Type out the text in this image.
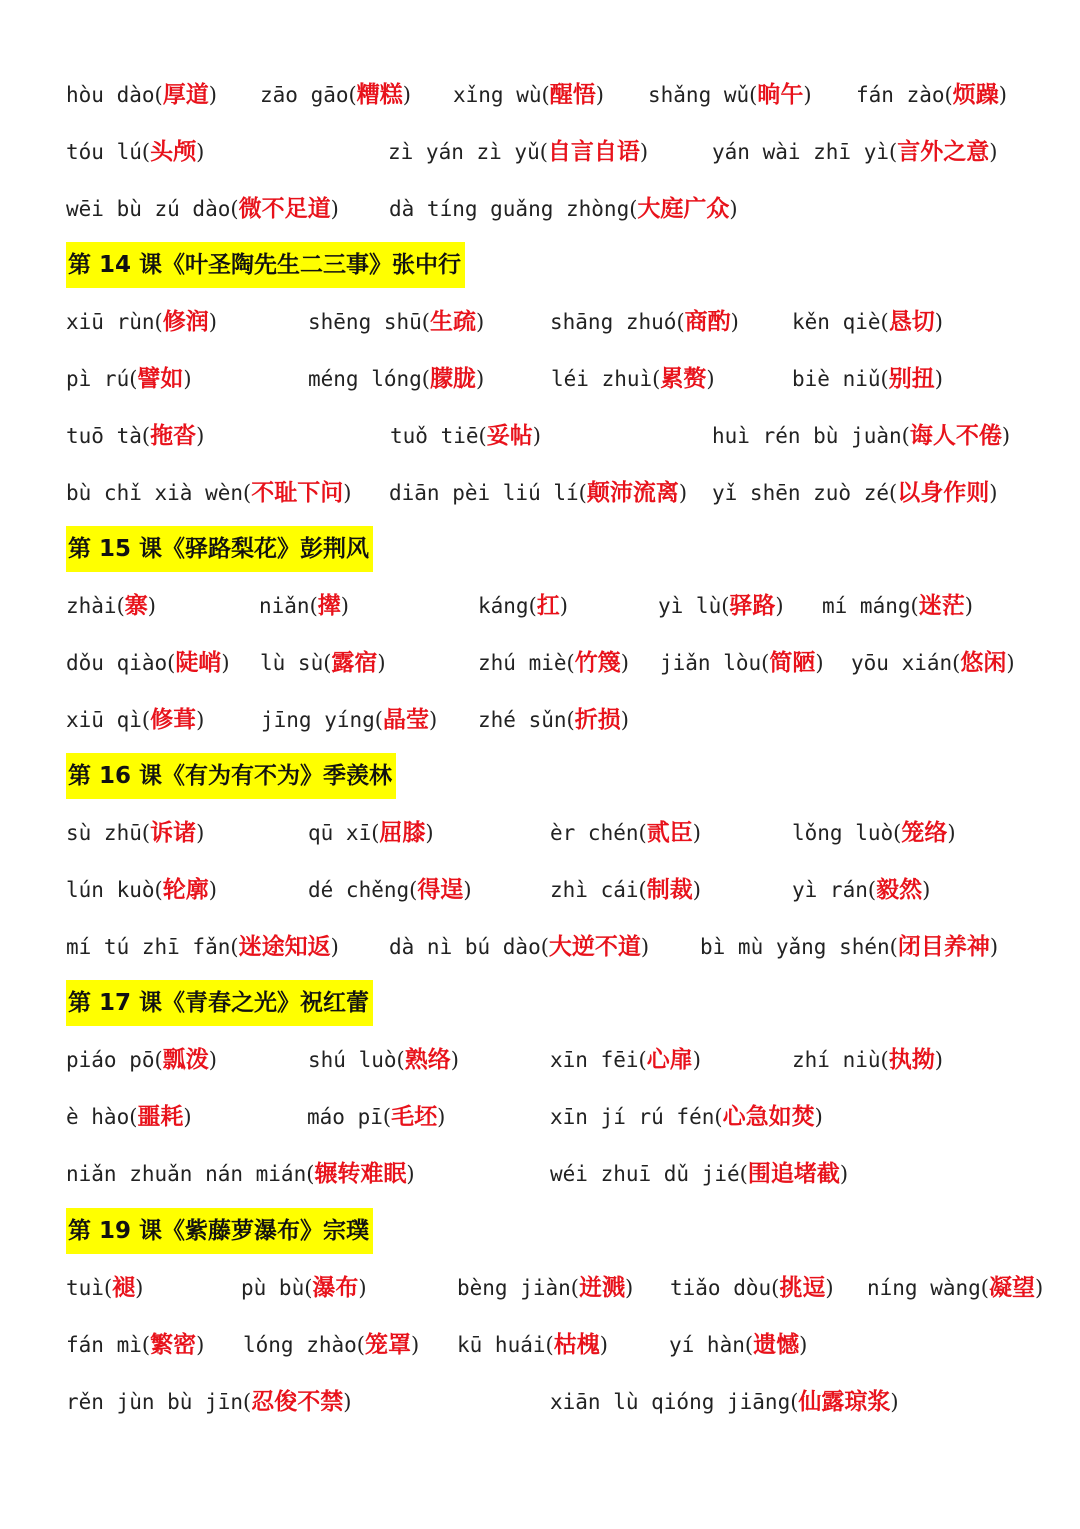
hòu dào(厚道) zāo gāo(糟糕) xǐng wù(醒悟) shǎng wǔ(晌午) fán zào(烦躁)
tóu lú(头颅)	zì yán zì yǔ(自言自语)	yán wài zhī yì(言外之意)
wēi bù zú dào(微不足道) dà tíng guǎng zhòng(大庭广众)
第 14 课《叶圣陶先生二三事》张中行
xiū rùn(修润)	shēng shū(生疏)	shāng zhuó(商酌)	kěn qiè(恳切)
pì rú(譬如)	méng lóng(朦胧)	léi zhuì(累赘)	biè niǔ(别扭)
tuō tà(拖沓)	tuǒ tiē(妥帖)	huì rén bù juàn(诲人不倦)
bù chǐ xià wèn(不耻下问) diān pèi liú lí(颠沛流离) yǐ shēn zuò zé(以身作则)
第 15 课《驿路梨花》彭荆风
zhài(寨)	niǎn(撵)	káng(扛)	yì lù(驿路) mí máng(迷茫)
dǒu qiào(陡峭) lù sù(露宿)	zhú miè(竹篾) jiǎn lòu(简陋) yōu xián(悠闲)
xiū qì(修葺)	jīng yíng(晶莹) zhé sǔn(折损)
第 16 课《有为有不为》季羡林
sù zhū(诉诸)	qū xī(屈膝)	èr chén(贰臣)	lǒng luò(笼络)
lún kuò(轮廓)	dé chěng(得逞)	zhì cái(制裁)	yì rán(毅然)
mí tú zhī fǎn(迷途知返) dà nì bú dào(大逆不道) bì mù yǎng shén(闭目养神)
第 17 课《青春之光》祝红蕾
piáo pō(瓢泼)	shú luò(熟络)	xīn fēi(心扉)	zhí niù(执拗)
è hào(噩耗)	máo pī(毛坯)	xīn jí rú fén(心急如焚)
niǎn zhuǎn nán mián(辗转难眠)	wéi zhuī dǔ jié(围追堵截)
第 19 课《紫藤萝瀑布》宗璞
tuì(褪)	pù bù(瀑布)	bèng jiàn(迸溅) tiǎo dòu(挑逗) níng wàng(凝望)
fán mì(繁密) lóng zhào(笼罩) kū huái(枯槐)	yí hàn(遗憾)
rěn jùn bù jīn(忍俊不禁)	xiān lù qióng jiāng(仙露琼浆)
